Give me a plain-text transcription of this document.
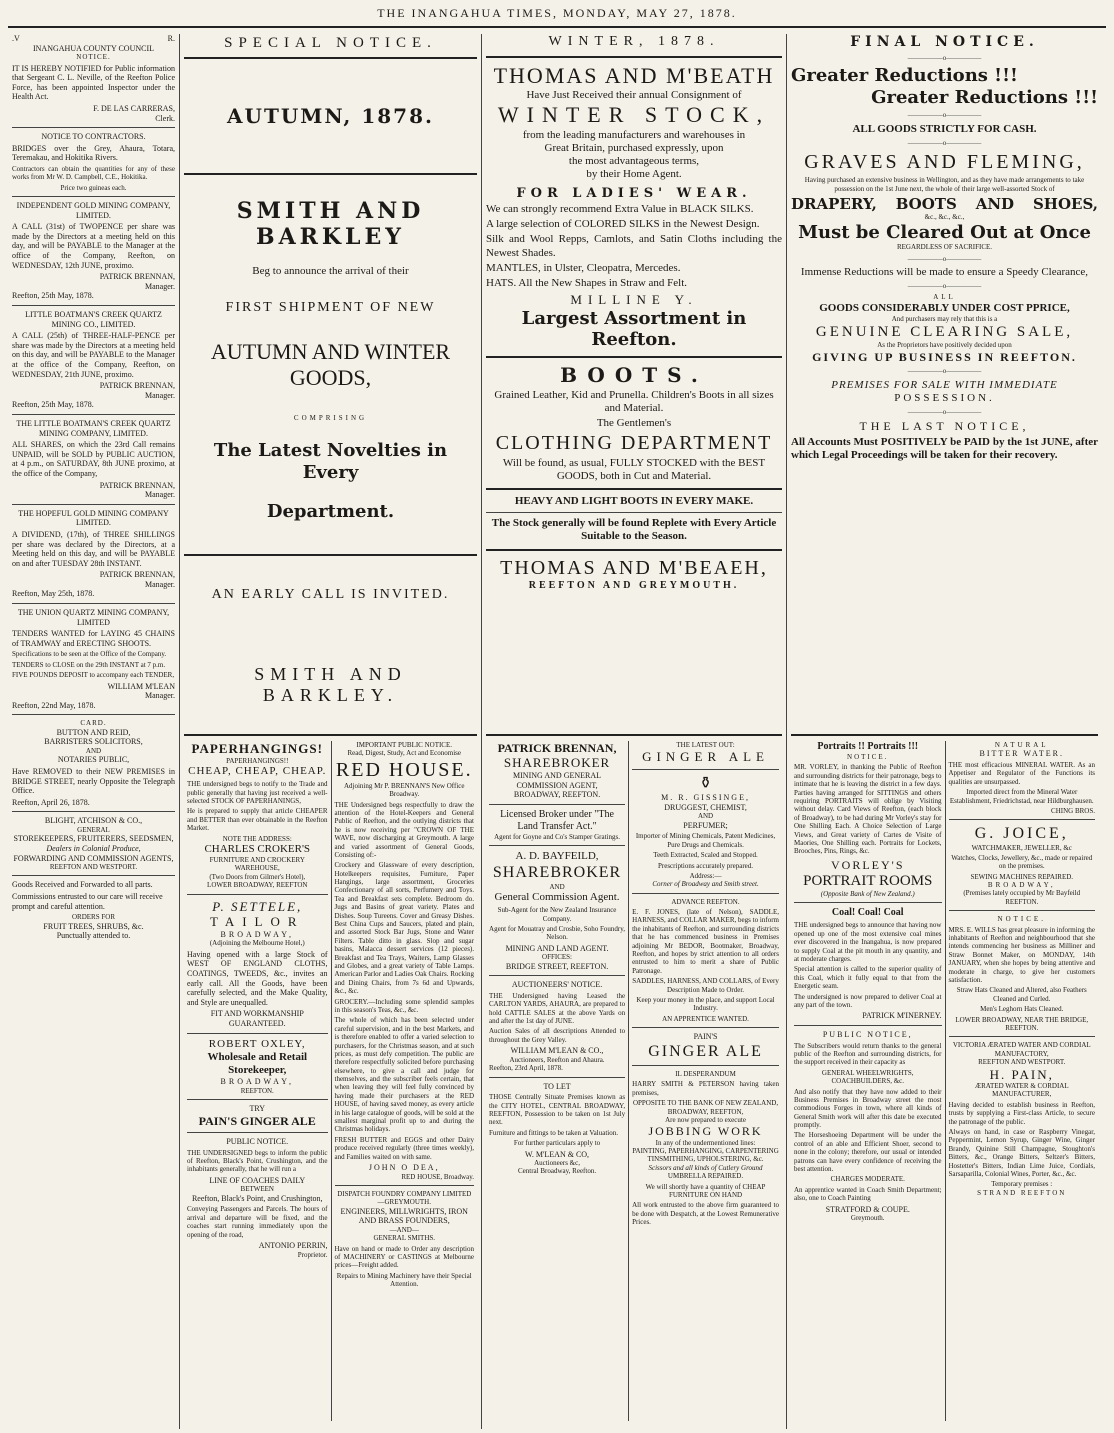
THE INANGAHUA TIMES, MONDAY, MAY 27, 1878.
.V	R.
INANGAHUA COUNTY COUNCIL
NOTICE.

IT IS HEREBY NOTIFIED for Public information that Sergeant C. L. Neville, of the Reefton Police Force, has been appointed Inspector under the Health Act.

F. DE LAS CARRERAS,
Clerk.
NOTICE TO CONTRACTORS.

BRIDGES over the Grey, Ahaura, Totara, Teremakau, and Hokitika Rivers.

Contractors can obtain the quantities for any of these works from Mr W. D. Campbell, C.E., Hokitika.

Price two guineas each.
INDEPENDENT GOLD MINING COMPANY, LIMITED.

A CALL (31st) of TWOPENCE per share was made by the Directors at a meeting held on this day, and will be PAYABLE to the Manager at the office of the Company, Reefton, on WEDNESDAY, 12th JUNE, proximo.

PATRICK BRENNAN,
Manager.
Reefton, 25th May, 1878.
LITTLE BOATMAN'S CREEK QUARTZ MINING CO., LIMITED.

A CALL (25th) of THREE-HALF-PENCE per share was made by the Directors at a meeting held on this day, and will be PAYABLE to the Manager at the office of the Company, Reefton, on WEDNESDAY, 21th JUNE, proximo.

PATRICK BRENNAN,
Manager.
Reefton, 25th May, 1878.
THE LITTLE BOATMAN'S CREEK QUARTZ MINING COMPANY, LIMITED.

ALL SHARES, on which the 23rd Call remains UNPAID, will be SOLD by PUBLIC AUCTION, at 4 p.m., on SATURDAY, 8th JUNE proximo, at the office of the Company,

PATRICK BRENNAN,
Manager.
THE HOPEFUL GOLD MINING COMPANY LIMITED.

A DIVIDEND, (17th), of THREE SHILLINGS per share was declared by the Directors, at a Meeting held on this day, and will be PAYABLE on and after TUESDAY 28th INSTANT.

PATRICK BRENNAN,
Manager.
Reefton, May 25th, 1878.
THE UNION QUARTZ MINING COMPANY, LIMITED

TENDERS WANTED for LAYING 45 CHAINS of TRAMWAY and ERECTING SHOOTS.

Specifications to be seen at the Office of the Company.

TENDERS to CLOSE on the 29th INSTANT at 7 p.m.

FIVE POUNDS DEPOSIT to accompany each TENDER,

WILLIAM M'LEAN
Manager.
Reefton, 22nd May, 1878.
CARD.
BUTTON AND REID,
BARRISTERS SOLICITORS,
AND
NOTARIES PUBLIC,

Have REMOVED to their NEW PREMISES in BRIDGE STREET, nearly Opposite the Telegraph Office.

Reefton, April 26, 1878.
BLIGHT, ATCHISON & CO.,
GENERAL
STOREKEEPERS, FRUITERERS, SEEDSMEN,
Dealers in Colonial Produce,
FORWARDING AND COMMISSION AGENTS,
REEFTON AND WESTPORT.

Goods Received and Forwarded to all parts.

Commissions entrusted to our care will receive prompt and careful attention.

ORDERS FOR
FRUIT TREES, SHRUBS, &c.
Punctually attended to.
SPECIAL NOTICE.
AUTUMN, 1878.
SMITH AND BARKLEY
Beg to announce the arrival of their
FIRST SHIPMENT OF NEW
AUTUMN AND WINTER GOODS,
COMPRISING
The Latest Novelties in Every
Department.
AN EARLY CALL IS INVITED.
SMITH AND BARKLEY.
PAPERHANGINGS!
PAPERHANGINGS!!
CHEAP, CHEAP, CHEAP.

THE undersigned begs to notify to the Trade and public generally that having just received a well-selected STOCK OF PAPERHANINGS,

He is prepared to supply that article CHEAPER and BETTER than ever obtainable in the Reefton Market.

NOTE THE ADDRESS:
CHARLES CROKER'S
FURNITURE AND CROCKERY WAREHOUSE,
(Two Doors from Gilmer's Hotel),
LOWER BROADWAY, REEFTON
P. SETTELE,
TAILOR
BROADWAY,
(Adjoining the Melbourne Hotel,)

Having opened with a large Stock of WEST OF ENGLAND CLOTHS, COATINGS, TWEEDS, &c., invites an early call. All the Goods, have been carefully selected, and the Make Quality, and Style are unequalled.

FIT AND WORKMANSHIP GUARANTEED.
ROBERT OXLEY,
Wholesale and Retail Storekeeper,
BROADWAY,
REEFTON.
TRY
PAIN'S GINGER ALE
PUBLIC NOTICE.

THE UNDERSIGNED begs to inform the public of Reefton, Black's Point, Crushington, and the inhabitants generally, that he will run a

LINE OF COACHES DAILY
BETWEEN
Reefton, Black's Point, and Crushington,

Conveying Passengers and Parcels. The hours of arrival and departure will be fixed, and the coaches start running immediately upon the opening of the road,

ANTONIO PERRIN,
Proprietor.
IMPORTANT PUBLIC NOTICE.
Read, Digest, Study, Act and Economise
RED HOUSE.
Adjoining Mr P. BRENNAN'S New Office Broadway.

THE Undersigned begs respectfully to draw the attention of the Hotel-Keepers and General Public of Reefton, and the outlying districts that he is now receiving per "CROWN OF THE WAVE, now discharging at Greymouth. A large and varied assortment of General Goods, Consisting of:-

Crockery and Glassware of every description, Hotelkeepers requisites, Furniture, Paper Hangings, large assortment, Groceries Confectionary of all sorts, Perfumery and Toys. Tea and Breakfast sets complete. Bedroom do. Jugs and Basins of great variety. Plates and Dishes. Soup Tureens. Cover and Greasy Dishes. Best China Cups and Saucers, plated and plain, and assorted Stock Bar Jugs, Stone and Water Filters. Table ditto in glass. Slop and sugar basins, Malacca dessert services (12 pieces). Breakfast and Tea Trays, Waiters, Lamp Glasses and Globes, and a great variety of Table Lamps. American Parlor and Ladies Oak Chairs. Rocking and Dining Chairs, from 7s 6d and Upwards, &c., &c.

GROCERY.—Including some splendid samples in this season's Teas, &c., &c.

The whole of which has been selected under careful supervision, and in the best Markets, and is therefore enabled to offer a varied selection to purchasers, for the Christmas season, and at such prices, as must defy competition. The public are therefore respectfully solicited before purchasing elsewhere, to give a call and judge for themselves, and the subscriber feels certain, that when leaving they will feel fully convinced by having made their purchasers at the RED HOUSE, of having saved money, as every article in his large catalogue of goods, will be sold at the smallest marginal profit up to and during the Christmas holidays.

FRESH BUTTER and EGGS and other Dairy produce received regularly (three times weekly), and Families waited on with same.

JOHN O DEA,
RED HOUSE, Broadway.
DISPATCH FOUNDRY COMPANY LIMITED—GREYMOUTH.
ENGINEERS, MILLWRIGHTS, IRON AND BRASS FOUNDERS,
—AND—
GENERAL SMITHS.

Have on hand or made to Order any description of MACHINERY or CASTINGS at Melbourne prices—Freight added.

Repairs to Mining Machinery have their Special Attention.

WINTER, 1878.
THOMAS AND M'BEATH
Have Just Received their annual Consignment of
WINTER STOCK,
from the leading manufacturers and warehouses in
Great Britain, purchased expressly, upon
the most advantageous terms,
by their Home Agent.
FOR LADIES' WEAR.

We can strongly recommend Extra Value in BLACK SILKS.

A large selection of COLORED SILKS in the Newest Design.

Silk and Wool Repps, Camlots, and Satin Cloths including the Newest Shades.

MANTLES, in Ulster, Cleopatra, Mercedes.

HATS. All the New Shapes in Straw and Felt.

MILLINE Y.
Largest Assortment in Reefton.
BOOTS.

Grained Leather, Kid and Prunella. Children's Boots in all sizes and Material.

The Gentlemen's
CLOTHING DEPARTMENT

Will be found, as usual, FULLY STOCKED with the BEST GOODS, both in Cut and Material.

HEAVY AND LIGHT BOOTS IN EVERY MAKE.

The Stock generally will be found Replete with Every Article Suitable to the Season.

THOMAS AND M'BEAEH,
REEFTON AND GREYMOUTH.
PATRICK BRENNAN,
SHAREBROKER
MINING AND GENERAL COMMISSION AGENT,
BROADWAY, REEFTON.
Licensed Broker under "The Land Transfer Act."
Agent for Goyne and Co's Stamper Gratings.
A. D. BAYFEILD,
SHAREBROKER
AND
General Commission Agent.

Sub-Agent for the New Zealand Insurance Company.

Agent for Mouatray and Crosbie, Soho Foundry, Nelson.

MINING AND LAND AGENT.
OFFICES:
BRIDGE STREET, REEFTON.
AUCTIONEERS' NOTICE.

THE Undersigned having Leased the CARLTON YARDS, AHAURA, are prepared to hold CATTLE SALES at the above Yards on and after the 1st day of JUNE.

Auction Sales of all descriptions Attended to throughout the Grey Valley.

WILLIAM M'LEAN & CO.,
Auctioneers, Reefton and Ahaura.
Reefton, 23rd April, 1878.
TO LET

THOSE Centrally Situate Premises known as the CITY HOTEL, CENTRAL BROADWAY, REEFTON, Possession to be taken on 1st July next.

Furniture and fittings to be taken at Valuation.

For further particulars apply to

W. M'LEAN & CO,
Auctioneers &c,
Central Broadway, Reefton.
THE LATEST OUT:
GINGER ALE
⚱
M. R. GISSINGE,
DRUGGEST, CHEMIST,
AND
PERFUMER;

Importer of Mining Chemicals, Patent Medicines, Pure Drugs and Chemicals.

Teeth Extracted, Scaled and Stopped.

Prescriptions accurately prepared.

Address:—
Corner of Broadway and Smith street.
ADVANCE REEFTON.

E. F. JONES, (late of Nelson), SADDLE, HARNESS, and COLLAR MAKER, begs to inform the inhabitants of Reefton, and surrounding districts that he has commenced business in Premises adjoining Mr BEDOR, Bootmaker, Broadway, Reefton, and hopes by strict attention to all orders entrusted to him to merit a share of Public Patronage.

SADDLES, HARNESS, AND COLLARS, of Every Description Made to Order.

Keep your money in the place, and support Local Industry.

AN APPRENTICE WANTED.
PAIN'S
GINGER ALE
IL DESPERANDUM

HARRY SMITH & PETERSON having taken premises,

OPPOSITE TO THE BANK OF NEW ZEALAND, BROADWAY, REEFTON,
Are now prepared to execute
JOBBING WORK
In any of the undermentioned lines:
PAINTING, PAPERHANGING, CARPENTERING
TINSMITHING, UPHOLSTERING, &c.
Scissors and all kinds of Cutlery Ground
UMBRELLA REPAIRED.

We will shortly have a quantity of CHEAP FURNITURE ON HAND

All work entrusted to the above firm guaranteed to be done with Despatch, at the Lowest Remunerative Prices.

FINAL NOTICE.
—————o—————
Greater Reductions !!!
Greater Reductions !!!
—————o—————
ALL GOODS STRICTLY FOR CASH.
—————o—————
GRAVES AND FLEMING,

Having purchased an extensive business in Wellington, and as they have made arrangements to take possession on the 1st June next, the whole of their large well-assorted Stock of

DRAPERY, BOOTS AND SHOES,
&c., &c., &c.,
Must be Cleared Out at Once
REGARDLESS OF SACRIFICE.
—————o—————
Immense Reductions will be made to ensure a Speedy Clearance,
—————o—————
ALL
GOODS CONSIDERABLY UNDER COST PPRICE,
And purchasers may rely that this is a
GENUINE CLEARING SALE,
As the Proprietors have positively decided upon
GIVING UP BUSINESS IN REEFTON.
—————o—————
PREMISES FOR SALE WITH IMMEDIATE
POSSESSION.
—————o—————
THE LAST NOTICE,

All Accounts Must POSITIVELY be PAID by the 1st JUNE, after which Legal Proceedings will be taken for their recovery.

Portraits !! Portraits !!!
NOTICE.

MR. VORLEY, in thanking the Public of Reefton and surrounding districts for their patronage, begs to intimate that he is leaving the district in a few days. Parties having arranged for SITTINGS and others requiring PORTRAITS will oblige by Visiting without delay. Card Views of Reefton, (each block of Broadway), to be had during Mr Vorley's stay for One Shilling Each. A Choice Selection of Large Views, and Great variety of Cartes de Visite of Maories, One Shilling each. Portraits for Lockets, Brooches, Pins, Rings, &c.

VORLEY'S
PORTRAIT ROOMS
(Opposite Bank of New Zealand.)
Coal! Coal! Coal

THE undersigned begs to announce that having now opened up one of the most extensive coal mines ever discovered in the Inangahua, is now prepared to supply Coal at the pit mouth in any quantity, and at moderate charges.

Special attention is called to the superior quality of this Coal, which it fully equal to that from the Energetic seam.

The undersigned is now prepared to deliver Coal at any part of the town.

PATRICK M'INERNEY.
PUBLIC NOTICE,

The Subscribers would return thanks to the general public of the Reefton and surrounding districts, for the support received in their capacity as

GENERAL WHEELWRIGHTS, COACHBUILDERS, &c.

And also notify that they have now added to their Business Premises in Broadway street the most commodious Forges in town, where all kinds of General Smith work will after this date be executed promptly.

The Horseshoeing Department will be under the control of an able and Efficient Shoer, second to none in the colony; therefore, our usual or intended patrons can have every confidence of receiving the best attention.

CHARGES MODERATE.

An apprentice wanted in Coach Smith Department; also, one to Coach Painting

STRATFORD & COUPE.
Greymouth.
NATURAL
BITTER WATER.

THE most efficacious MINERAL WATER. As an Appetiser and Regulator of the Functions its qualities are unsurpassed.

Imported direct from the Mineral Water Establishment, Friedrichstad, near Hildburghausen.

CHING BROS.
G. JOICE,
WATCHMAKER, JEWELLER, &c

Watches, Clocks, Jewellery, &c., made or repaired on the premises.

SEWING MACHINES REPAIRED.
BROADWAY,
(Premises lately occupied by Mr Bayfeild REEFTON.
NOTICE.

MRS. E. WILLS has great pleasure in informing the inhabitants of Reefton and neighbourhood that she intends commencing her business as Milliner and Straw Bonnet Maker, on MONDAY, 14th JANUARY, when she hopes by being attentive and moderate in charge, to give her customers satisfaction.

Straw Hats Cleaned and Altered, also Feathers Cleaned and Curled.

Men's Leghorn Hats Cleaned.

LOWER BROADWAY, NEAR THE BRIDGE, REEFTON.

VICTORIA ÆRATED WATER AND CORDIAL MANUFACTORY,
REEFTON AND WESTPORT.
H. PAIN,
ÆRATED WATER & CORDIAL MANUFACTURER,

Having decided to establish business in Reefton, trusts by supplying a First-class Article, to secure the patronage of the public.

Always on hand, in case or Raspberry Vinegar, Peppermint, Lemon Syrup, Ginger Wine, Ginger Brandy, Quinine Still Champagne, Stoughton's Bitters, &c., Orange Bitters, Seltzer's Bitters, Hostetter's Bitters, Indian Lime Juice, Cordials, Sarsaparilla, Colonial Wines, Porter, &c., &c.

Temporary premises :
STRAND REEFTON
